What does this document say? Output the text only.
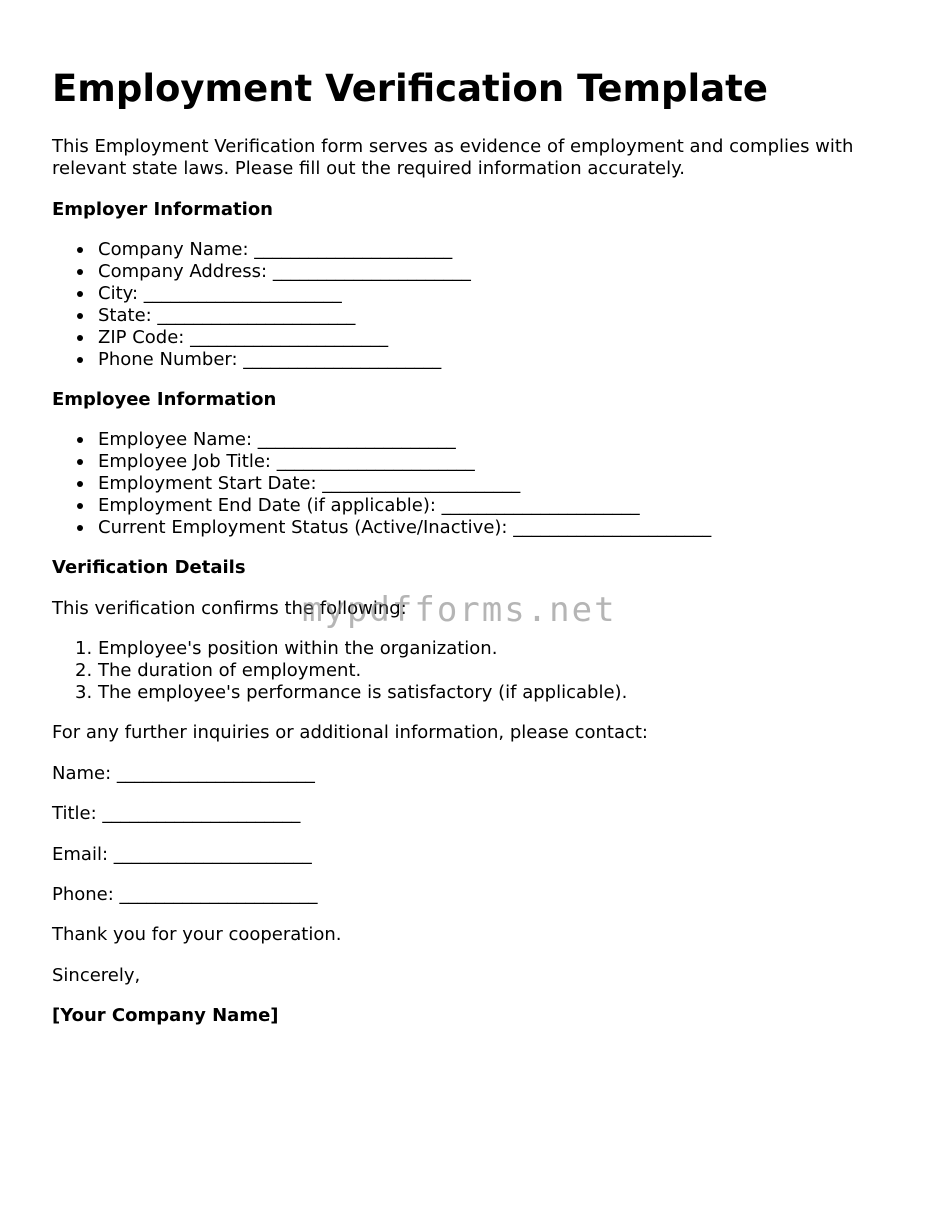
Employment Verification Template

This Employment Verification form serves as evidence of employment and complies with relevant state laws. Please fill out the required information accurately.

Employer Information

Company Name: ______________________
Company Address: ______________________
City: ______________________
State: ______________________
ZIP Code: ______________________
Phone Number: ______________________

Employee Information

Employee Name: ______________________
Employee Job Title: ______________________
Employment Start Date: ______________________
Employment End Date (if applicable): ______________________
Current Employment Status (Active/Inactive): ______________________

Verification Details

This verification confirms the following:

1. Employee's position within the organization.
2. The duration of employment.
3. The employee's performance is satisfactory (if applicable).

For any further inquiries or additional information, please contact:

Name: ______________________

Title: ______________________

Email: ______________________

Phone: ______________________

Thank you for your cooperation.

Sincerely,

[Your Company Name]

mypdfforms.net
